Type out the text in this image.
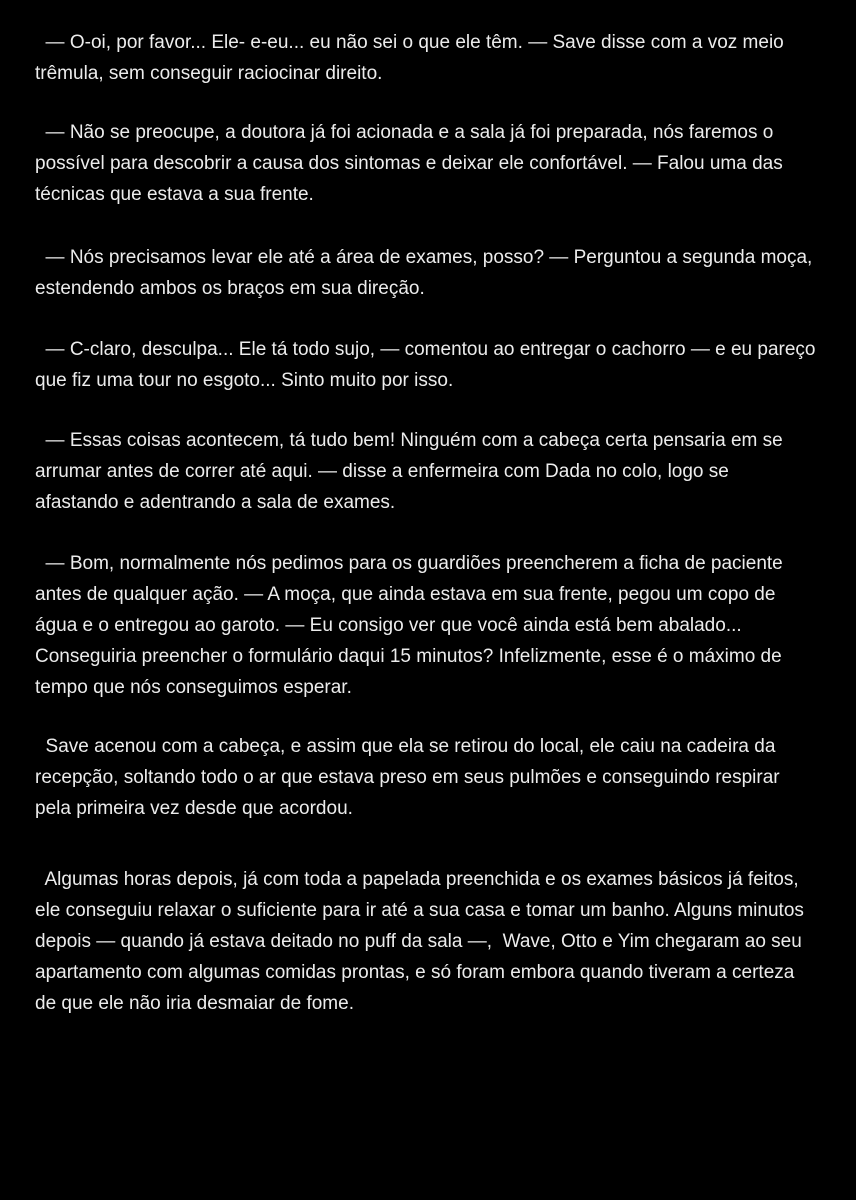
— O-oi, por favor... Ele- e-eu... eu não sei o que ele têm. — Save disse com a voz meio
trêmula, sem conseguir raciocinar direito.

— Não se preocupe, a doutora já foi acionada e a sala já foi preparada, nós faremos o
possível para descobrir a causa dos sintomas e deixar ele confortável. — Falou uma das
técnicas que estava a sua frente.

— Nós precisamos levar ele até a área de exames, posso? — Perguntou a segunda moça,
estendendo ambos os braços em sua direção.

— C-claro, desculpa... Ele tá todo sujo, — comentou ao entregar o cachorro — e eu pareço
que fiz uma tour no esgoto... Sinto muito por isso.

— Essas coisas acontecem, tá tudo bem! Ninguém com a cabeça certa pensaria em se
arrumar antes de correr até aqui. — disse a enfermeira com Dada no colo, logo se
afastando e adentrando a sala de exames.

— Bom, normalmente nós pedimos para os guardiões preencherem a ficha de paciente
antes de qualquer ação. — A moça, que ainda estava em sua frente, pegou um copo de
água e o entregou ao garoto. — Eu consigo ver que você ainda está bem abalado...
Conseguiria preencher o formulário daqui 15 minutos? Infelizmente, esse é o máximo de
tempo que nós conseguimos esperar.

Save acenou com a cabeça, e assim que ela se retirou do local, ele caiu na cadeira da
recepção, soltando todo o ar que estava preso em seus pulmões e conseguindo respirar
pela primeira vez desde que acordou.

Algumas horas depois, já com toda a papelada preenchida e os exames básicos já feitos,
ele conseguiu relaxar o suficiente para ir até a sua casa e tomar um banho. Alguns minutos
depois — quando já estava deitado no puff da sala —,  Wave, Otto e Yim chegaram ao seu
apartamento com algumas comidas prontas, e só foram embora quando tiveram a certeza
de que ele não iria desmaiar de fome.
